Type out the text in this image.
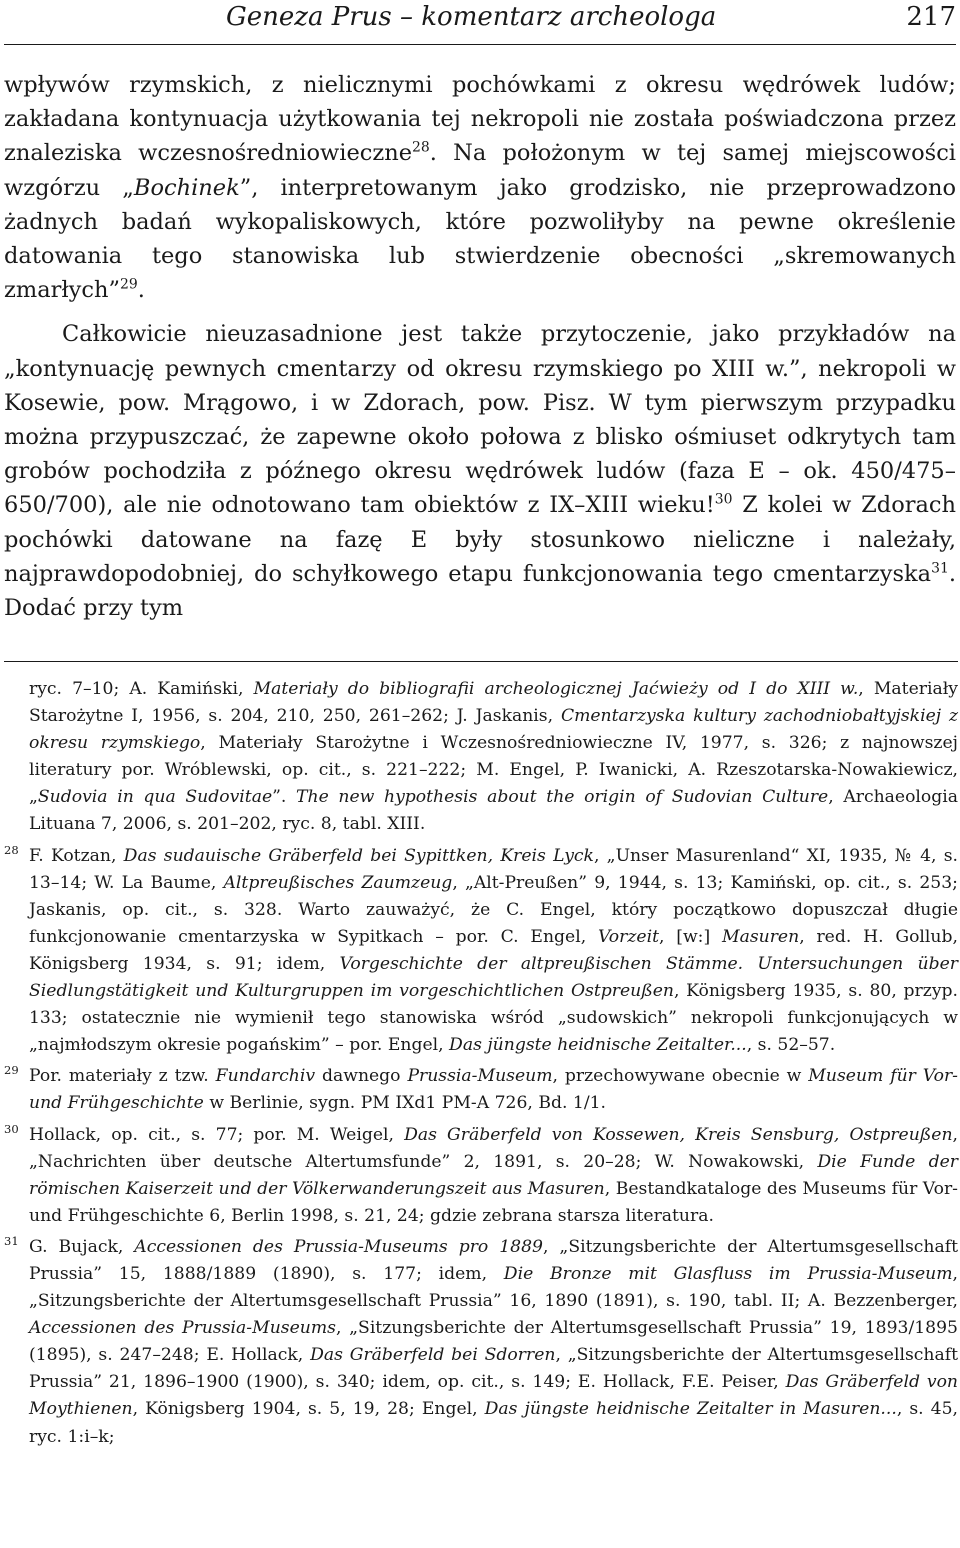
Geneza Prus – komentarz archeologa	217

wpływów rzymskich, z nielicznymi pochówkami z okresu wędrówek ludów; zakładana kontynuacja użytkowania tej nekropoli nie została poświadczona przez znaleziska wczesnośredniowieczne$^{28}$. Na położonym w tej samej miejscowości wzgórzu „Bochinek”, interpretowanym jako grodzisko, nie przeprowadzono żadnych badań wykopaliskowych, które pozwoliłyby na pewne określenie datowania tego stanowiska lub stwierdzenie obecności „skremowanych zmarłych”$^{29}$.

Całkowicie nieuzasadnione jest także przytoczenie, jako przykładów na „kontynuację pewnych cmentarzy od okresu rzymskiego po XIII w.”, nekropoli w Kosewie, pow. Mrągowo, i w Zdorach, pow. Pisz. W tym pierwszym przypadku można przypuszczać, że zapewne około połowa z blisko ośmiuset odkrytych tam grobów pochodziła z późnego okresu wędrówek ludów (faza E – ok. 450/475–650/700), ale nie odnotowano tam obiektów z IX–XIII wieku!$^{30}$ Z kolei w Zdorach pochówki datowane na fazę E były stosunkowo nieliczne i należały, najprawdopodobniej, do schyłkowego etapu funkcjonowania tego cmentarzyska$^{31}$. Dodać przy tym

ryc. 7–10; A. Kamiński, Materiały do bibliografii archeologicznej Jaćwieży od I do XIII w., Materiały Starożytne I, 1956, s. 204, 210, 250, 261–262; J. Jaskanis, Cmentarzyska kultury zachodniobałtyjskiej z okresu rzymskiego, Materiały Starożytne i Wczesnośredniowieczne IV, 1977, s. 326; z najnowszej literatury por. Wróblewski, op. cit., s. 221–222; M. Engel, P. Iwanicki, A. Rzeszotarska-Nowakiewicz, „Sudovia in qua Sudovitae”. The new hypothesis about the origin of Sudovian Culture, Archaeologia Lituana 7, 2006, s. 201–202, ryc. 8, tabl. XIII.
28 F. Kotzan, Das sudauische Gräberfeld bei Sypittken, Kreis Lyck, „Unser Masurenland“ XI, 1935, № 4, s. 13–14; W. La Baume, Altpreußisches Zaumzeug, „Alt-Preußen” 9, 1944, s. 13; Kamiński, op. cit., s. 253; Jaskanis, op. cit., s. 328. Warto zauważyć, że C. Engel, który początkowo dopuszczał długie funkcjonowanie cmentarzyska w Sypitkach – por. C. Engel, Vorzeit, [w:] Masuren, red. H. Gollub, Königsberg 1934, s. 91; idem, Vorgeschichte der altpreußischen Stämme. Untersuchungen über Siedlungstätigkeit und Kulturgruppen im vorgeschichtlichen Ostpreußen, Königsberg 1935, s. 80, przyp. 133; ostatecznie nie wymienił tego stanowiska wśród „sudowskich” nekropoli funkcjonujących w „najmłodszym okresie pogańskim” – por. Engel, Das jüngste heidnische Zeitalter..., s. 52–57.
29 Por. materiały z tzw. Fundarchiv dawnego Prussia-Museum, przechowywane obecnie w Museum für Vor- und Frühgeschichte w Berlinie, sygn. PM IXd1 PM-A 726, Bd. 1/1.
30 Hollack, op. cit., s. 77; por. M. Weigel, Das Gräberfeld von Kossewen, Kreis Sensburg, Ostpreußen, „Nachrichten über deutsche Altertumsfunde” 2, 1891, s. 20–28; W. Nowakowski, Die Funde der römischen Kaiserzeit und der Völkerwanderungszeit aus Masuren, Bestandkataloge des Museums für Vor- und Frühgeschichte 6, Berlin 1998, s. 21, 24; gdzie zebrana starsza literatura.
31 G. Bujack, Accessionen des Prussia-Museums pro 1889, „Sitzungsberichte der Altertumsgesellschaft Prussia” 15, 1888/1889 (1890), s. 177; idem, Die Bronze mit Glasfluss im Prussia-Museum, „Sitzungsberichte der Altertumsgesellschaft Prussia” 16, 1890 (1891), s. 190, tabl. II; A. Bezzenberger, Accessionen des Prussia-Museums, „Sitzungsberichte der Altertumsgesellschaft Prussia” 19, 1893/1895 (1895), s. 247–248; E. Hollack, Das Gräberfeld bei Sdorren, „Sitzungsberichte der Altertumsgesellschaft Prussia” 21, 1896–1900 (1900), s. 340; idem, op. cit., s. 149; E. Hollack, F.E. Peiser, Das Gräberfeld von Moythienen, Königsberg 1904, s. 5, 19, 28; Engel, Das jüngste heidnische Zeitalter in Masuren..., s. 45, ryc. 1:i–k;
